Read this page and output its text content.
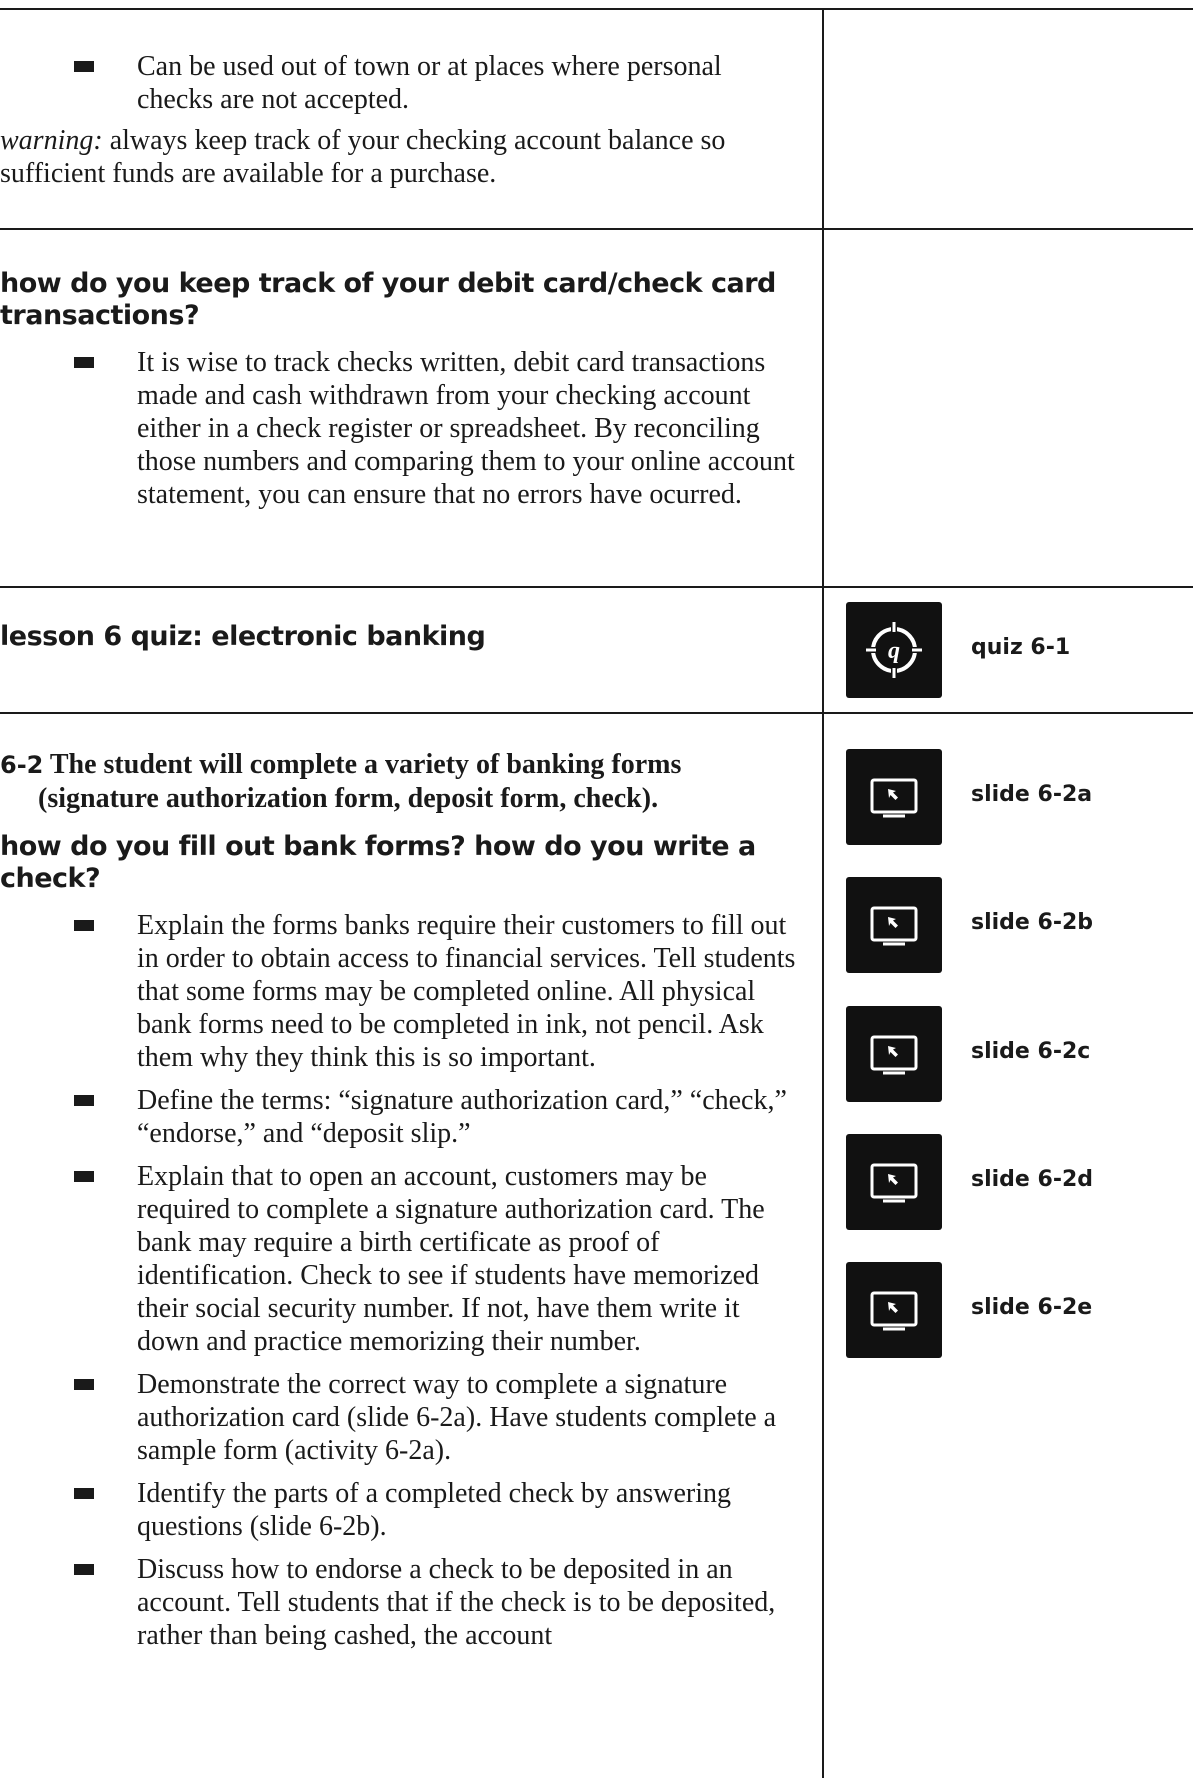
Can be used out of town or at places where personal checks are not accepted.

warning: always keep track of your checking account balance so sufficient funds are available for a purchase.

how do you keep track of your debit card/check card transactions?
It is wise to track checks written, debit card transactions made and cash withdrawn from your checking account either in a check register or spreadsheet. By reconciling those numbers and comparing them to your online account statement, you can ensure that no errors have ocurred.
lesson 6 quiz: electronic banking	q	quiz 6-1

6-2 The student will complete a variety of banking forms (signature authorization form, deposit form, check).

how do you fill out bank forms? how do you write a check?
Explain the forms banks require their customers to fill out in order to obtain access to financial services. Tell students that some forms may be completed online. All physical bank forms need to be completed in ink, not pencil. Ask them why they think this is so important.
Define the terms: “signature authorization card,” “check,” “endorse,” and “deposit slip.”
Explain that to open an account, customers may be required to complete a signature authorization card. The bank may require a birth certificate as proof of identification. Check to see if students have memorized their social security number. If not, have them write it down and practice memorizing their number.
Demonstrate the correct way to complete a signature authorization card (slide 6-2a). Have students complete a sample form (activity 6-2a).
Identify the parts of a completed check by answering questions (slide 6-2b).
Discuss how to endorse a check to be deposited in an account. Tell students that if the check is to be deposited, rather than being cashed, the account
slide 6-2a
slide 6-2b
slide 6-2c
slide 6-2d
slide 6-2e
